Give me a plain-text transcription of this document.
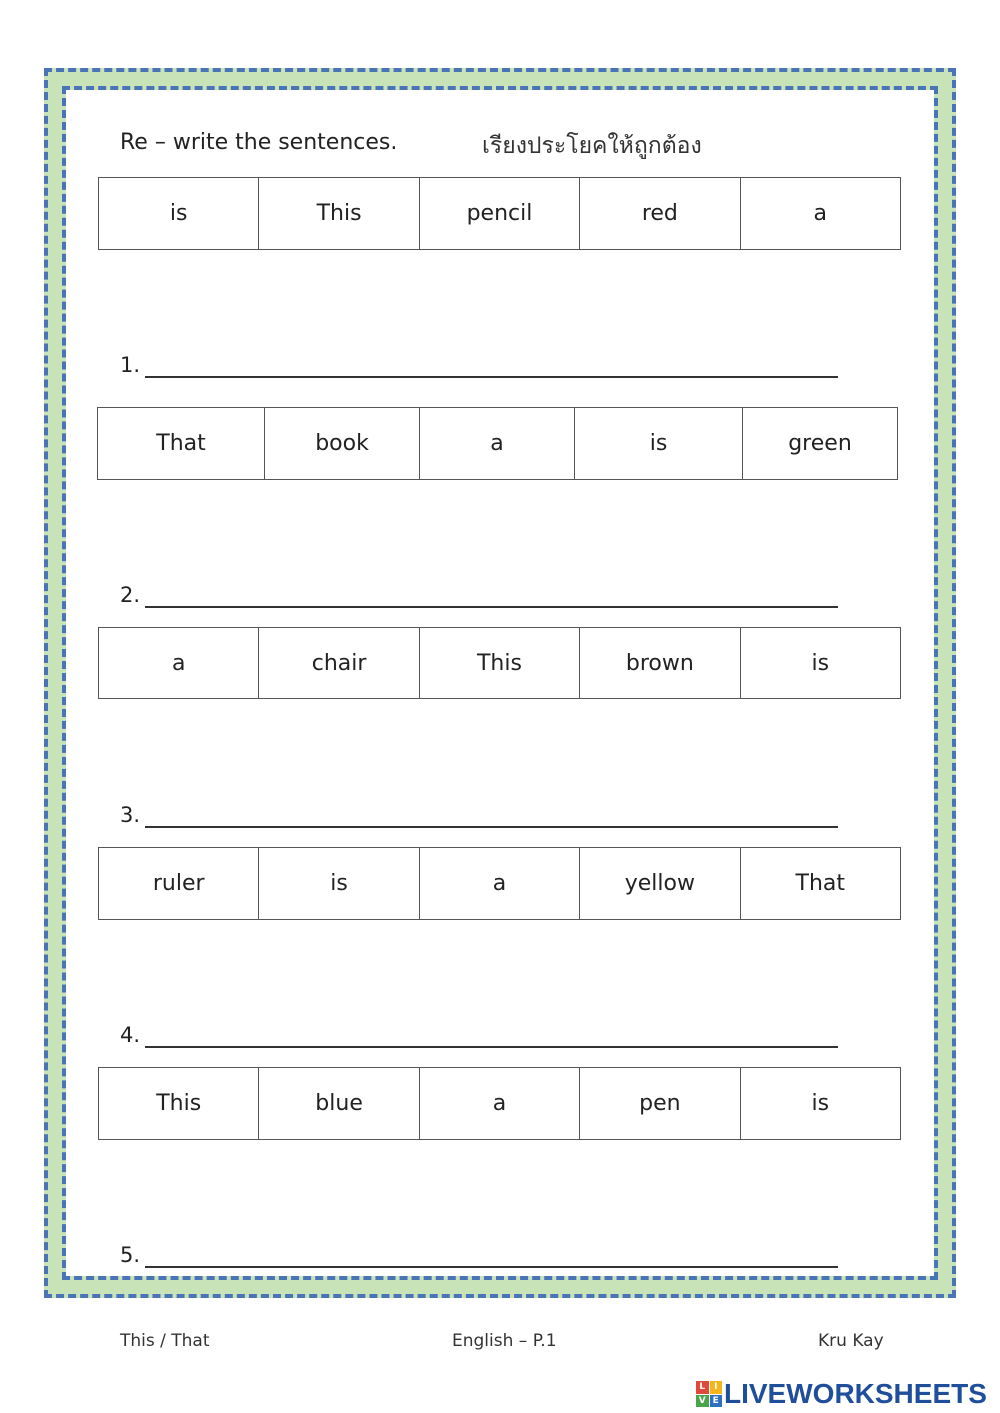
Re – write the sentences.	เรียงประโยคให้ถูกต้อง
is	This	pencil	red	a
1.
That	book	a	is	green
2.
a	chair	This	brown	is
3.
ruler	is	a	yellow	That
4.
This	blue	a	pen	is
5.
This / That	English – P.1	Kru Kay
L I
V E LIVEWORKSHEETS
